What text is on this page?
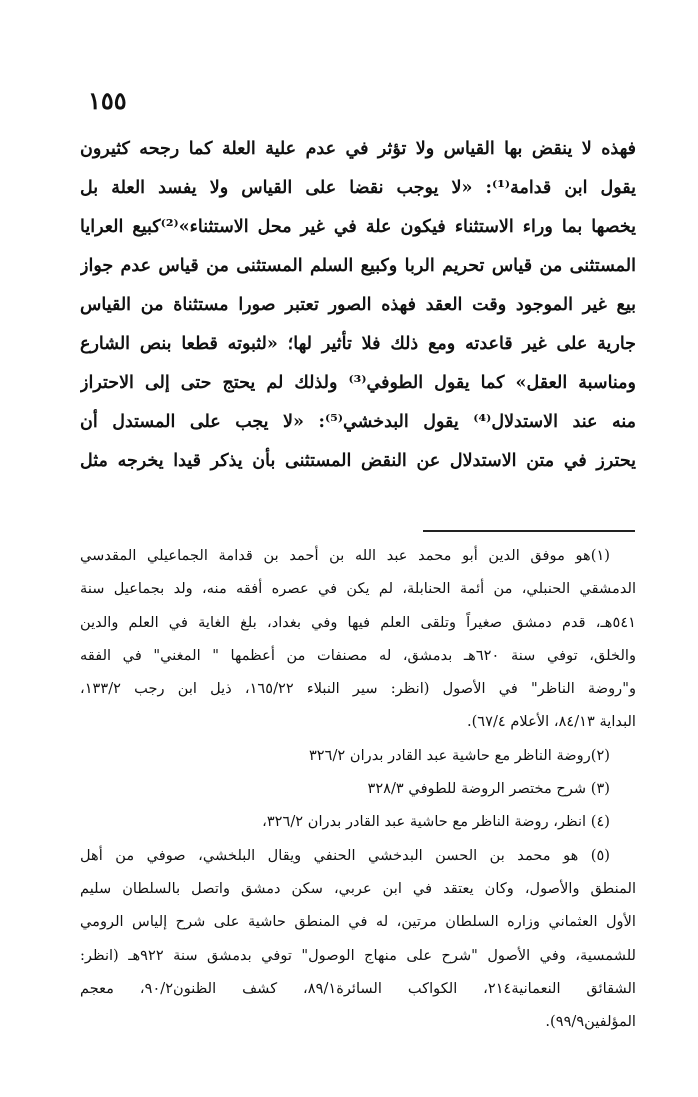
١٥٥
فهذه لا ينقض بها القياس ولا تؤثر في عدم علية العلة كما رجحه كثيرون
يقول ابن قدامة⁽¹⁾: «لا يوجب نقضا على القياس ولا يفسد العلة بل
يخصها بما وراء الاستثناء فيكون علة في غير محل الاستثناء»⁽²⁾كبيع العرايا
المستثنى من قياس تحريم الربا وكبيع السلم المستثنى من قياس عدم جواز
بيع غير الموجود وقت العقد فهذه الصور تعتبر صورا مستثناة من القياس
جارية على غير قاعدته ومع ذلك فلا تأثير لها؛ «لثبوته قطعا بنص الشارع
ومناسبة العقل» كما يقول الطوفي⁽³⁾ ولذلك لم يحتج حتى إلى الاحتراز
منه عند الاستدلال⁽⁴⁾ يقول البدخشي⁽⁵⁾: «لا يجب على المستدل أن
يحترز في متن الاستدلال عن النقض المستثنى بأن يذكر قيدا يخرجه مثل
(١)هو موفق الدين أبو محمد عبد الله بن أحمد بن قدامة الجماعيلي المقدسي
الدمشقي الحنبلي، من أئمة الحنابلة، لم يكن في عصره أفقه منه، ولد بجماعيل سنة
٥٤١هـ، قدم دمشق صغيراً وتلقى العلم فيها وفي بغداد، بلغ الغاية في العلم والدين
والخلق، توفي سنة ٦٢٠هـ بدمشق، له مصنفات من أعظمها " المغني" في الفقه
و"روضة الناظر" في الأصول (انظر: سير النبلاء ١٦٥/٢٢، ذيل ابن رجب ١٣٣/٢،
البداية ٨٤/١٣، الأعلام ٦٧/٤).
(٢)روضة الناظر مع حاشية عبد القادر بدران ٣٢٦/٢
(٣) شرح مختصر الروضة للطوفي ٣٢٨/٣
(٤) انظر، روضة الناظر مع حاشية عبد القادر بدران ٣٢٦/٢،
(٥) هو محمد بن الحسن البدخشي الحنفي ويقال البلخشي، صوفي من أهل
المنطق والأصول، وكان يعتقد في ابن عربي، سكن دمشق واتصل بالسلطان سليم
الأول العثماني وزاره السلطان مرتين، له في المنطق حاشية على شرح إلياس الرومي
للشمسية، وفي الأصول "شرح على منهاج الوصول" توفي بدمشق سنة ٩٢٢هـ (انظر:
الشقائق النعمانية٢١٤، الكواكب السائرة٨٩/١، كشف الظنون٩٠/٢، معجم
المؤلفين٩٩/٩).
